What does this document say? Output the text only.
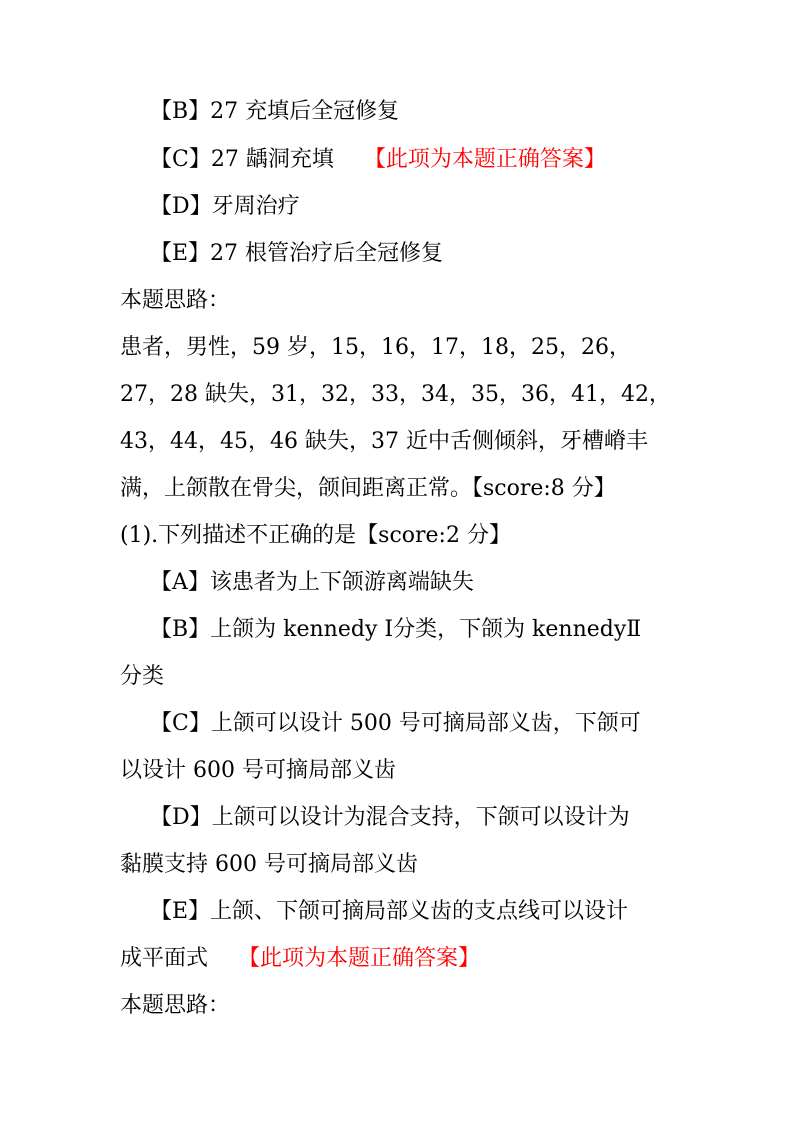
【B】27 充填后全冠修复
【C】27 龋洞充填 【此项为本题正确答案】
【D】牙周治疗
【E】27 根管治疗后全冠修复
本题思路：
患者，男性，59 岁，15，16，17，18，25，26，
27，28 缺失，31，32，33，34，35，36，41，42，
43，44，45，46 缺失，37 近中舌侧倾斜，牙槽嵴丰
满，上颌散在骨尖，颌间距离正常。【score:8 分】
(1).下列描述不正确的是【score:2 分】
【A】该患者为上下颌游离端缺失
【B】上颌为 kennedy Ⅰ分类，下颌为 kennedyⅡ
分类
【C】上颌可以设计 500 号可摘局部义齿，下颌可
以设计 600 号可摘局部义齿
【D】上颌可以设计为混合支持，下颌可以设计为
黏膜支持 600 号可摘局部义齿
【E】上颌、下颌可摘局部义齿的支点线可以设计
成平面式 【此项为本题正确答案】
本题思路：
